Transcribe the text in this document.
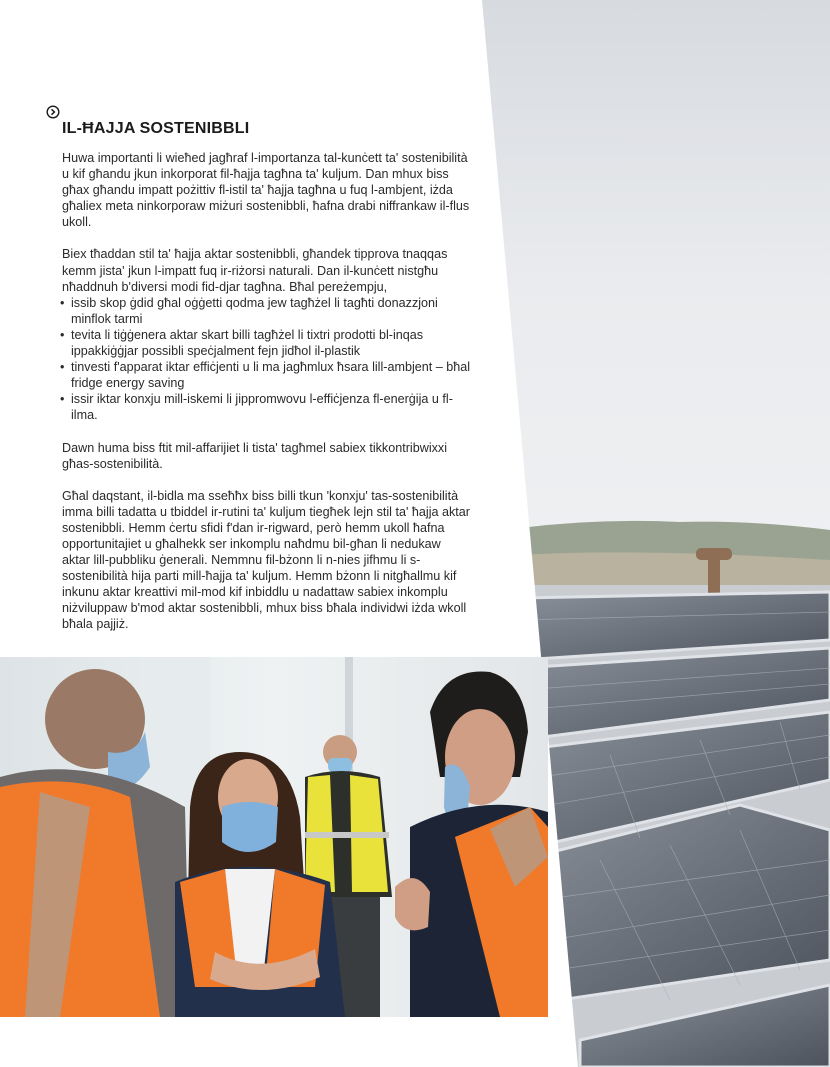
IL-ĦAJJA SOSTENIBBLI

Huwa importanti li wieħed jagħraf l-importanza tal-kunċett ta' sostenibilità u kif għandu jkun inkorporat fil-ħajja tagħna ta' kuljum. Dan mhux biss għax għandu impatt pożittiv fl-istil ta' ħajja tagħna u fuq l-ambjent, iżda għaliex meta ninkorporaw miżuri sostenibbli, ħafna drabi niffrankaw il-flus ukoll.

Biex tħaddan stil ta' ħajja aktar sostenibbli, għandek tipprova tnaqqas kemm jista' jkun l-impatt fuq ir-riżorsi naturali. Dan il-kunċett nistgħu nħaddnuh b'diversi modi fid-djar tagħna. Bħal pereżempju,

• issib skop ġdid għal oġġetti qodma jew tagħżel li tagħti donazzjoni minflok tarmi
• tevita li tiġġenera aktar skart billi tagħżel li tixtri prodotti bl-inqas ippakkiġġjar possibli speċjalment fejn jidħol il-plastik
• tinvesti f'apparat iktar effiċjenti u li ma jagħmlux ħsara lill-ambjent – bħal fridge energy saving
• issir iktar konxju mill-iskemi li jippromwovu l-effiċjenza fl-enerġija u fl-ilma.

Dawn huma biss ftit mil-affarijiet li tista' tagħmel sabiex tikkontribwixxi għas-sostenibilità.

Għal daqstant, il-bidla ma sseħħx biss billi tkun 'konxju' tas-sostenibilità imma billi tadatta u tbiddel ir-rutini ta' kuljum tiegħek lejn stil ta' ħajja aktar sostenibbli. Hemm ċertu sfidi f'dan ir-rigward, però hemm ukoll ħafna opportunitajiet u għalhekk ser inkomplu naħdmu bil-għan li nedukaw aktar lill-pubbliku ġenerali. Nemmnu fil-bżonn li n-nies jifhmu li s-sostenibilità hija parti mill-ħajja ta' kuljum. Hemm bżonn li nitgħallmu kif inkunu aktar kreattivi mil-mod kif inbiddlu u nadattaw sabiex inkomplu niżviluppaw b'mod aktar sostenibbli, mhux biss bħala individwi iżda wkoll bħala pajjiż.
